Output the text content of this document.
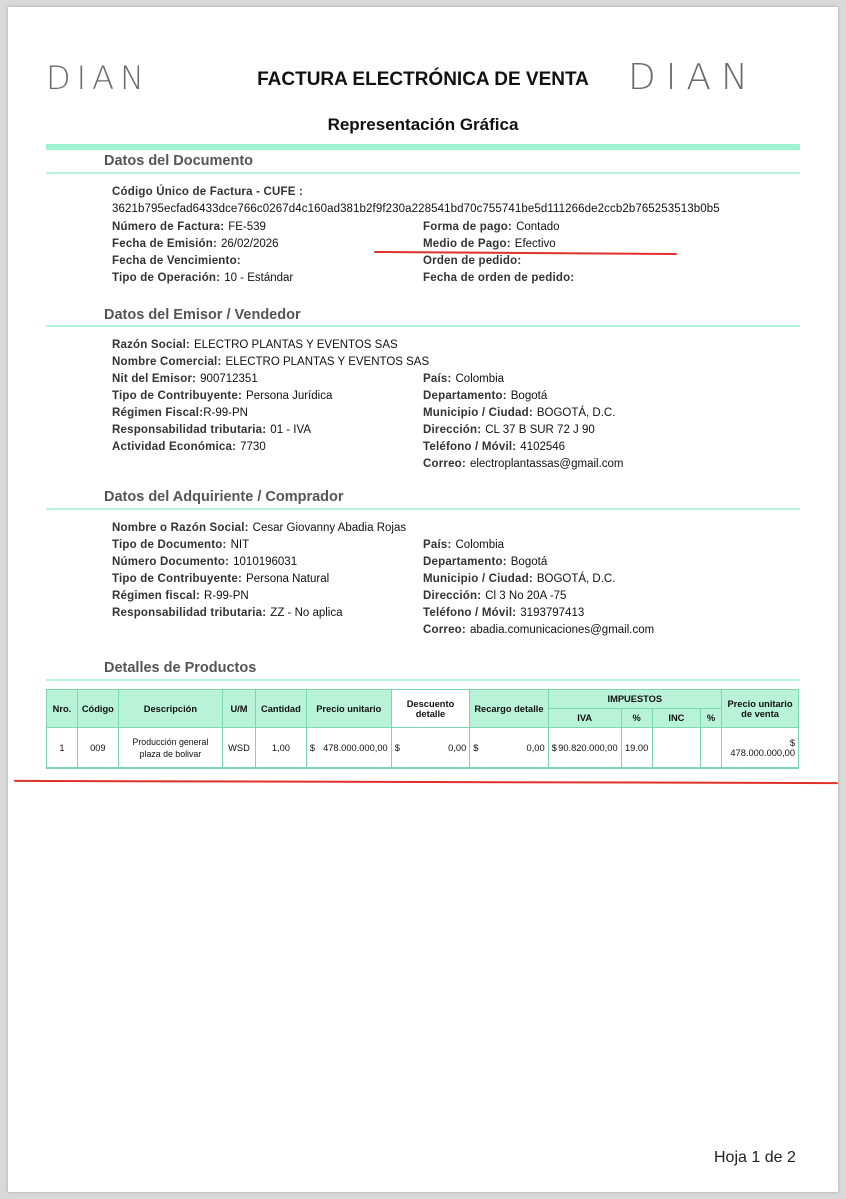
DIAN	FACTURA ELECTRÓNICA DE VENTA	DIAN
Representación Gráfica
Datos del Documento
Código Único de Factura - CUFE :
3621b795ecfad6433dce766c0267d4c160ad381b2f9f230a228541bd70c755741be5d111266de2ccb2b765253513b0b5
Número de Factura: FE-539
Fecha de Emisión: 26/02/2026
Fecha de Vencimiento:
Tipo de Operación: 10 - Estándar
Forma de pago: Contado
Medio de Pago: Efectivo
Orden de pedido:
Fecha de orden de pedido:
Datos del Emisor / Vendedor
Razón Social: ELECTRO PLANTAS Y EVENTOS SAS
Nombre Comercial: ELECTRO PLANTAS Y EVENTOS SAS
Nit del Emisor: 900712351
Tipo de Contribuyente: Persona Jurídica
Régimen Fiscal:R-99-PN
Responsabilidad tributaria: 01 - IVA
Actividad Económica: 7730
País: Colombia
Departamento: Bogotá
Municipio / Ciudad: BOGOTÁ, D.C.
Dirección: CL 37 B SUR 72 J 90
Teléfono / Móvil: 4102546
Correo: electroplantassas@gmail.com
Datos del Adquiriente / Comprador
Nombre o Razón Social: Cesar Giovanny Abadia Rojas
Tipo de Documento: NIT
Número Documento: 1010196031
Tipo de Contribuyente: Persona Natural
Régimen fiscal: R-99-PN
Responsabilidad tributaria: ZZ - No aplica
País: Colombia
Departamento: Bogotá
Municipio / Ciudad: BOGOTÁ, D.C.
Dirección: Cl 3 No 20A -75
Teléfono / Móvil: 3193797413
Correo: abadia.comunicaciones@gmail.com
Detalles de Productos
Nro.	Código	Descripción	U/M	Cantidad	Precio unitario	Descuento detalle	Recargo detalle	IMPUESTOS				Precio unitario de venta
								IVA	%	INC	%	
1	009	Producción general plaza de bolivar	WSD	1,00	$ 478.000.000,00	$ 0,00	$ 0,00	$ 90.820.000,00	19.00			$ 478.000.000,00
Hoja 1 de 2
